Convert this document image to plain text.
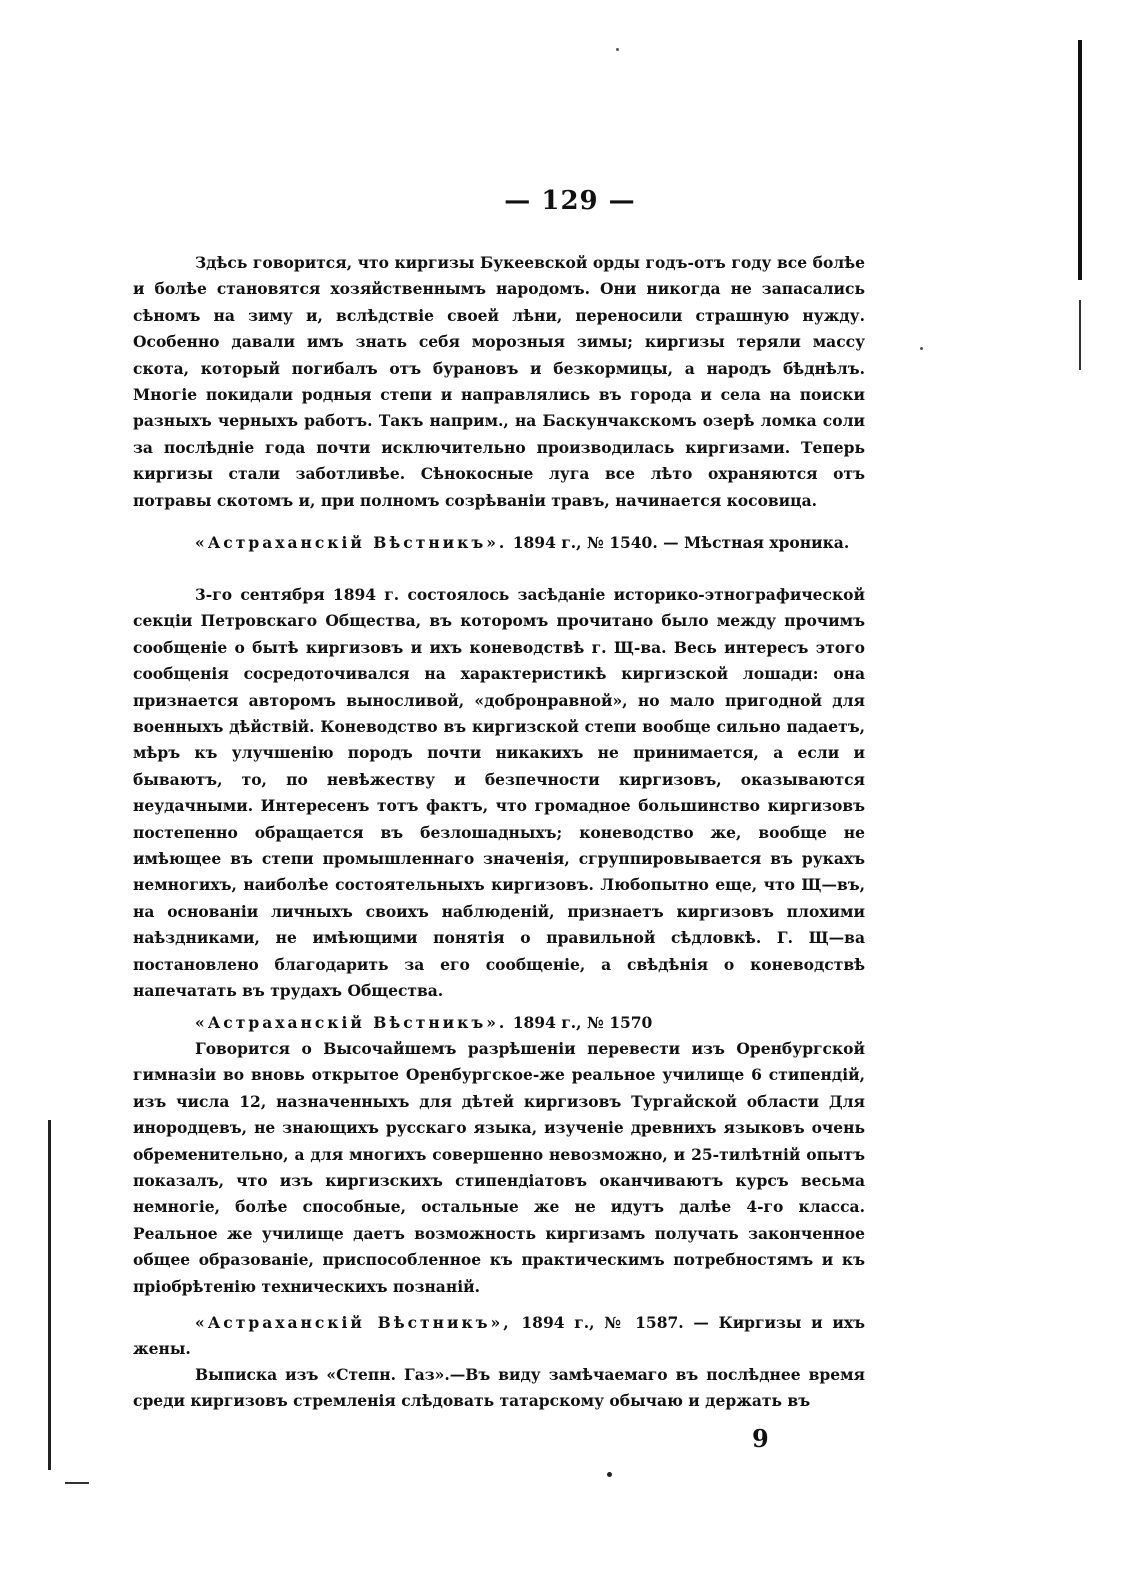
— 129 —

Здѣсь говорится, что киргизы Букеевской орды годъ-отъ году все болѣе и болѣе становятся хозяйственнымъ народомъ. Они никогда не запасались сѣномъ на зиму и, вслѣдствіе своей лѣни, переносили страшную нужду. Особенно давали имъ знать себя морозныя зимы; киргизы теряли массу скота, который погибалъ отъ бурановъ и безкормицы, а народъ бѣднѣлъ. Многіе покидали родныя степи и направлялись въ города и села на поиски разныхъ черныхъ работъ. Такъ наприм., на Баскунчакскомъ озерѣ ломка соли за послѣдніе года почти исключительно производилась киргизами. Теперь киргизы стали заботливѣе. Сѣнокосные луга все лѣто охраняются отъ потравы скотомъ и, при полномъ созрѣваніи травъ, начинается косовица.

«Астраханскій Вѣстникъ». 1894 г., № 1540. — Мѣстная хроника.

3-го сентября 1894 г. состоялось засѣданіе историко-этнографической секціи Петровскаго Общества, въ которомъ прочитано было между прочимъ сообщеніе о бытѣ киргизовъ и ихъ коневодствѣ г. Щ-ва. Весь интересъ этого сообщенія сосредоточивался на характеристикѣ киргизской лошади: она признается авторомъ выносливой, «добронравной», но мало пригодной для военныхъ дѣйствій. Коневодство въ киргизской степи вообще сильно падаетъ, мѣръ къ улучшенію породъ почти никакихъ не принимается, а если и бываютъ, то, по невѣжеству и безпечности киргизовъ, оказываются неудачными. Интересенъ тотъ фактъ, что громадное большинство киргизовъ постепенно обращается въ безлошадныхъ; коневодство же, вообще не имѣющее въ степи промышленнаго значенія, сгруппировывается въ рукахъ немногихъ, наиболѣе состоятельныхъ киргизовъ. Любопытно еще, что Щ—въ, на основаніи личныхъ своихъ наблюденій, признаетъ киргизовъ плохими наѣздниками, не имѣющими понятія о правильной сѣдловкѣ. Г. Щ—ва постановлено благодарить за его сообщеніе, а свѣдѣнія о коневодствѣ напечатать въ трудахъ Общества.

«Астраханскій Вѣстникъ». 1894 г., № 1570

Говорится о Высочайшемъ разрѣшеніи перевести изъ Оренбургской гимназіи во вновь открытое Оренбургское-же реальное училище 6 стипендій, изъ числа 12, назначенныхъ для дѣтей киргизовъ Тургайской области Для инородцевъ, не знающихъ русскаго языка, изученіе древнихъ языковъ очень обременительно, а для многихъ совершенно невозможно, и 25-тилѣтній опытъ показалъ, что изъ киргизскихъ стипендіатовъ оканчиваютъ курсъ весьма немногіе, болѣе способные, остальные же не идутъ далѣе 4-го класса. Реальное же училище даетъ возможность киргизамъ получать законченное общее образованіе, приспособленное къ практическимъ потребностямъ и къ пріобрѣтенію техническихъ познаній.

«Астраханскій Вѣстникъ», 1894 г., № 1587. — Киргизы и ихъ жены.

Выписка изъ «Степн. Газ».—Въ виду замѣчаемаго въ послѣднее время среди киргизовъ стремленія слѣдовать татарскому обычаю и держать въ

9
